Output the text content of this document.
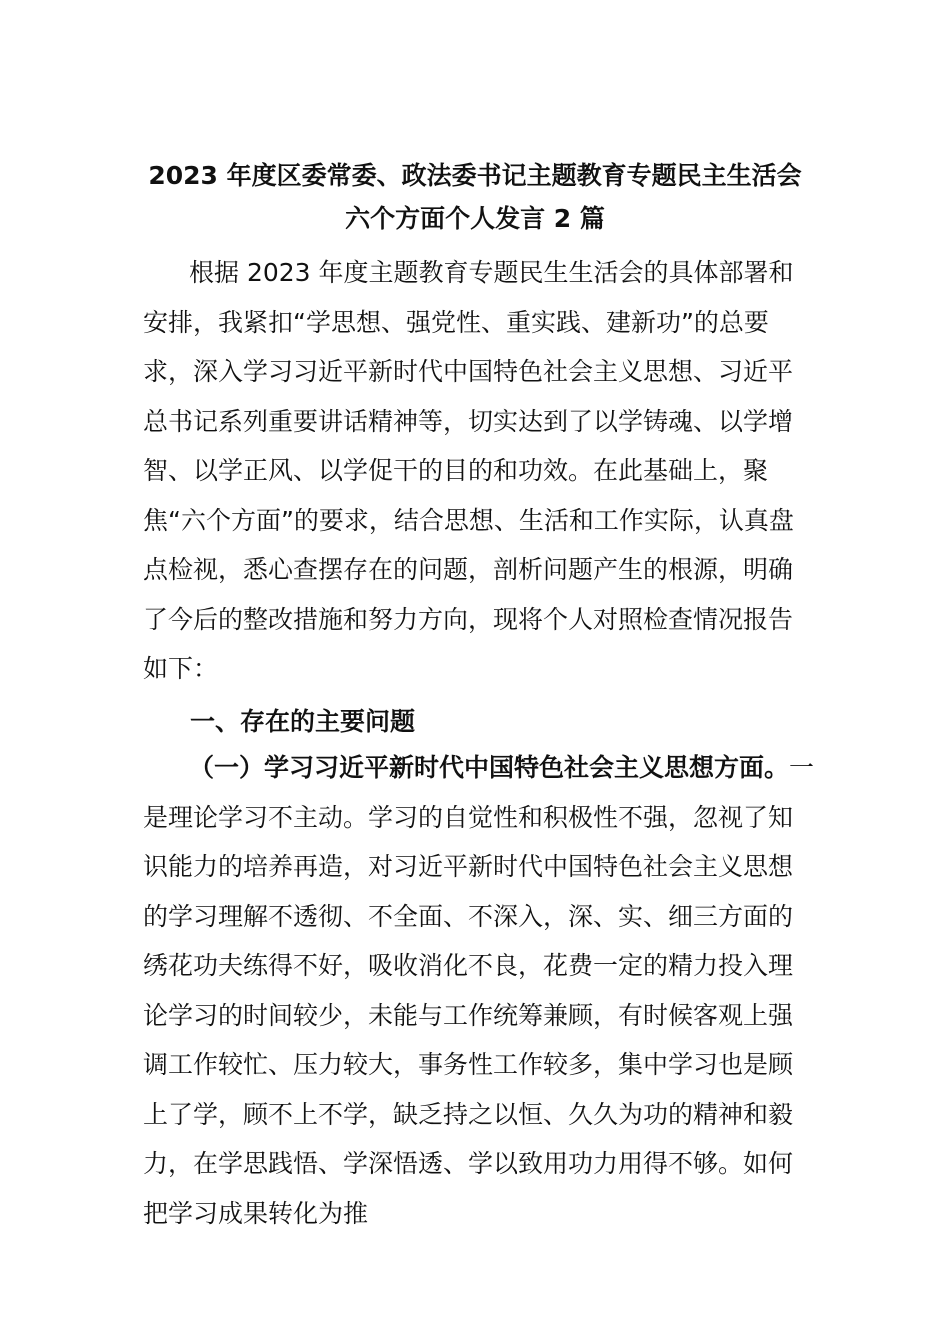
2023 年度区委常委、政法委书记主题教育专题民主生活会
六个方面个人发言 2 篇

根据 2023 年度主题教育专题民生生活会的具体部署和安排，我紧扣“学思想、强党性、重实践、建新功”的总要求，深入学习习近平新时代中国特色社会主义思想、习近平总书记系列重要讲话精神等，切实达到了以学铸魂、以学增智、以学正风、以学促干的目的和功效。在此基础上，聚焦“六个方面”的要求，结合思想、生活和工作实际，认真盘点检视，悉心查摆存在的问题，剖析问题产生的根源，明确了今后的整改措施和努力方向，现将个人对照检查情况报告如下：

一、存在的主要问题

（一）学习习近平新时代中国特色社会主义思想方面。一是理论学习不主动。学习的自觉性和积极性不强，忽视了知识能力的培养再造，对习近平新时代中国特色社会主义思想的学习理解不透彻、不全面、不深入，深、实、细三方面的绣花功夫练得不好，吸收消化不良，花费一定的精力投入理论学习的时间较少，未能与工作统筹兼顾，有时候客观上强调工作较忙、压力较大，事务性工作较多，集中学习也是顾上了学，顾不上不学，缺乏持之以恒、久久为功的精神和毅力，在学思践悟、学深悟透、学以致用功力用得不够。如何把学习成果转化为推
